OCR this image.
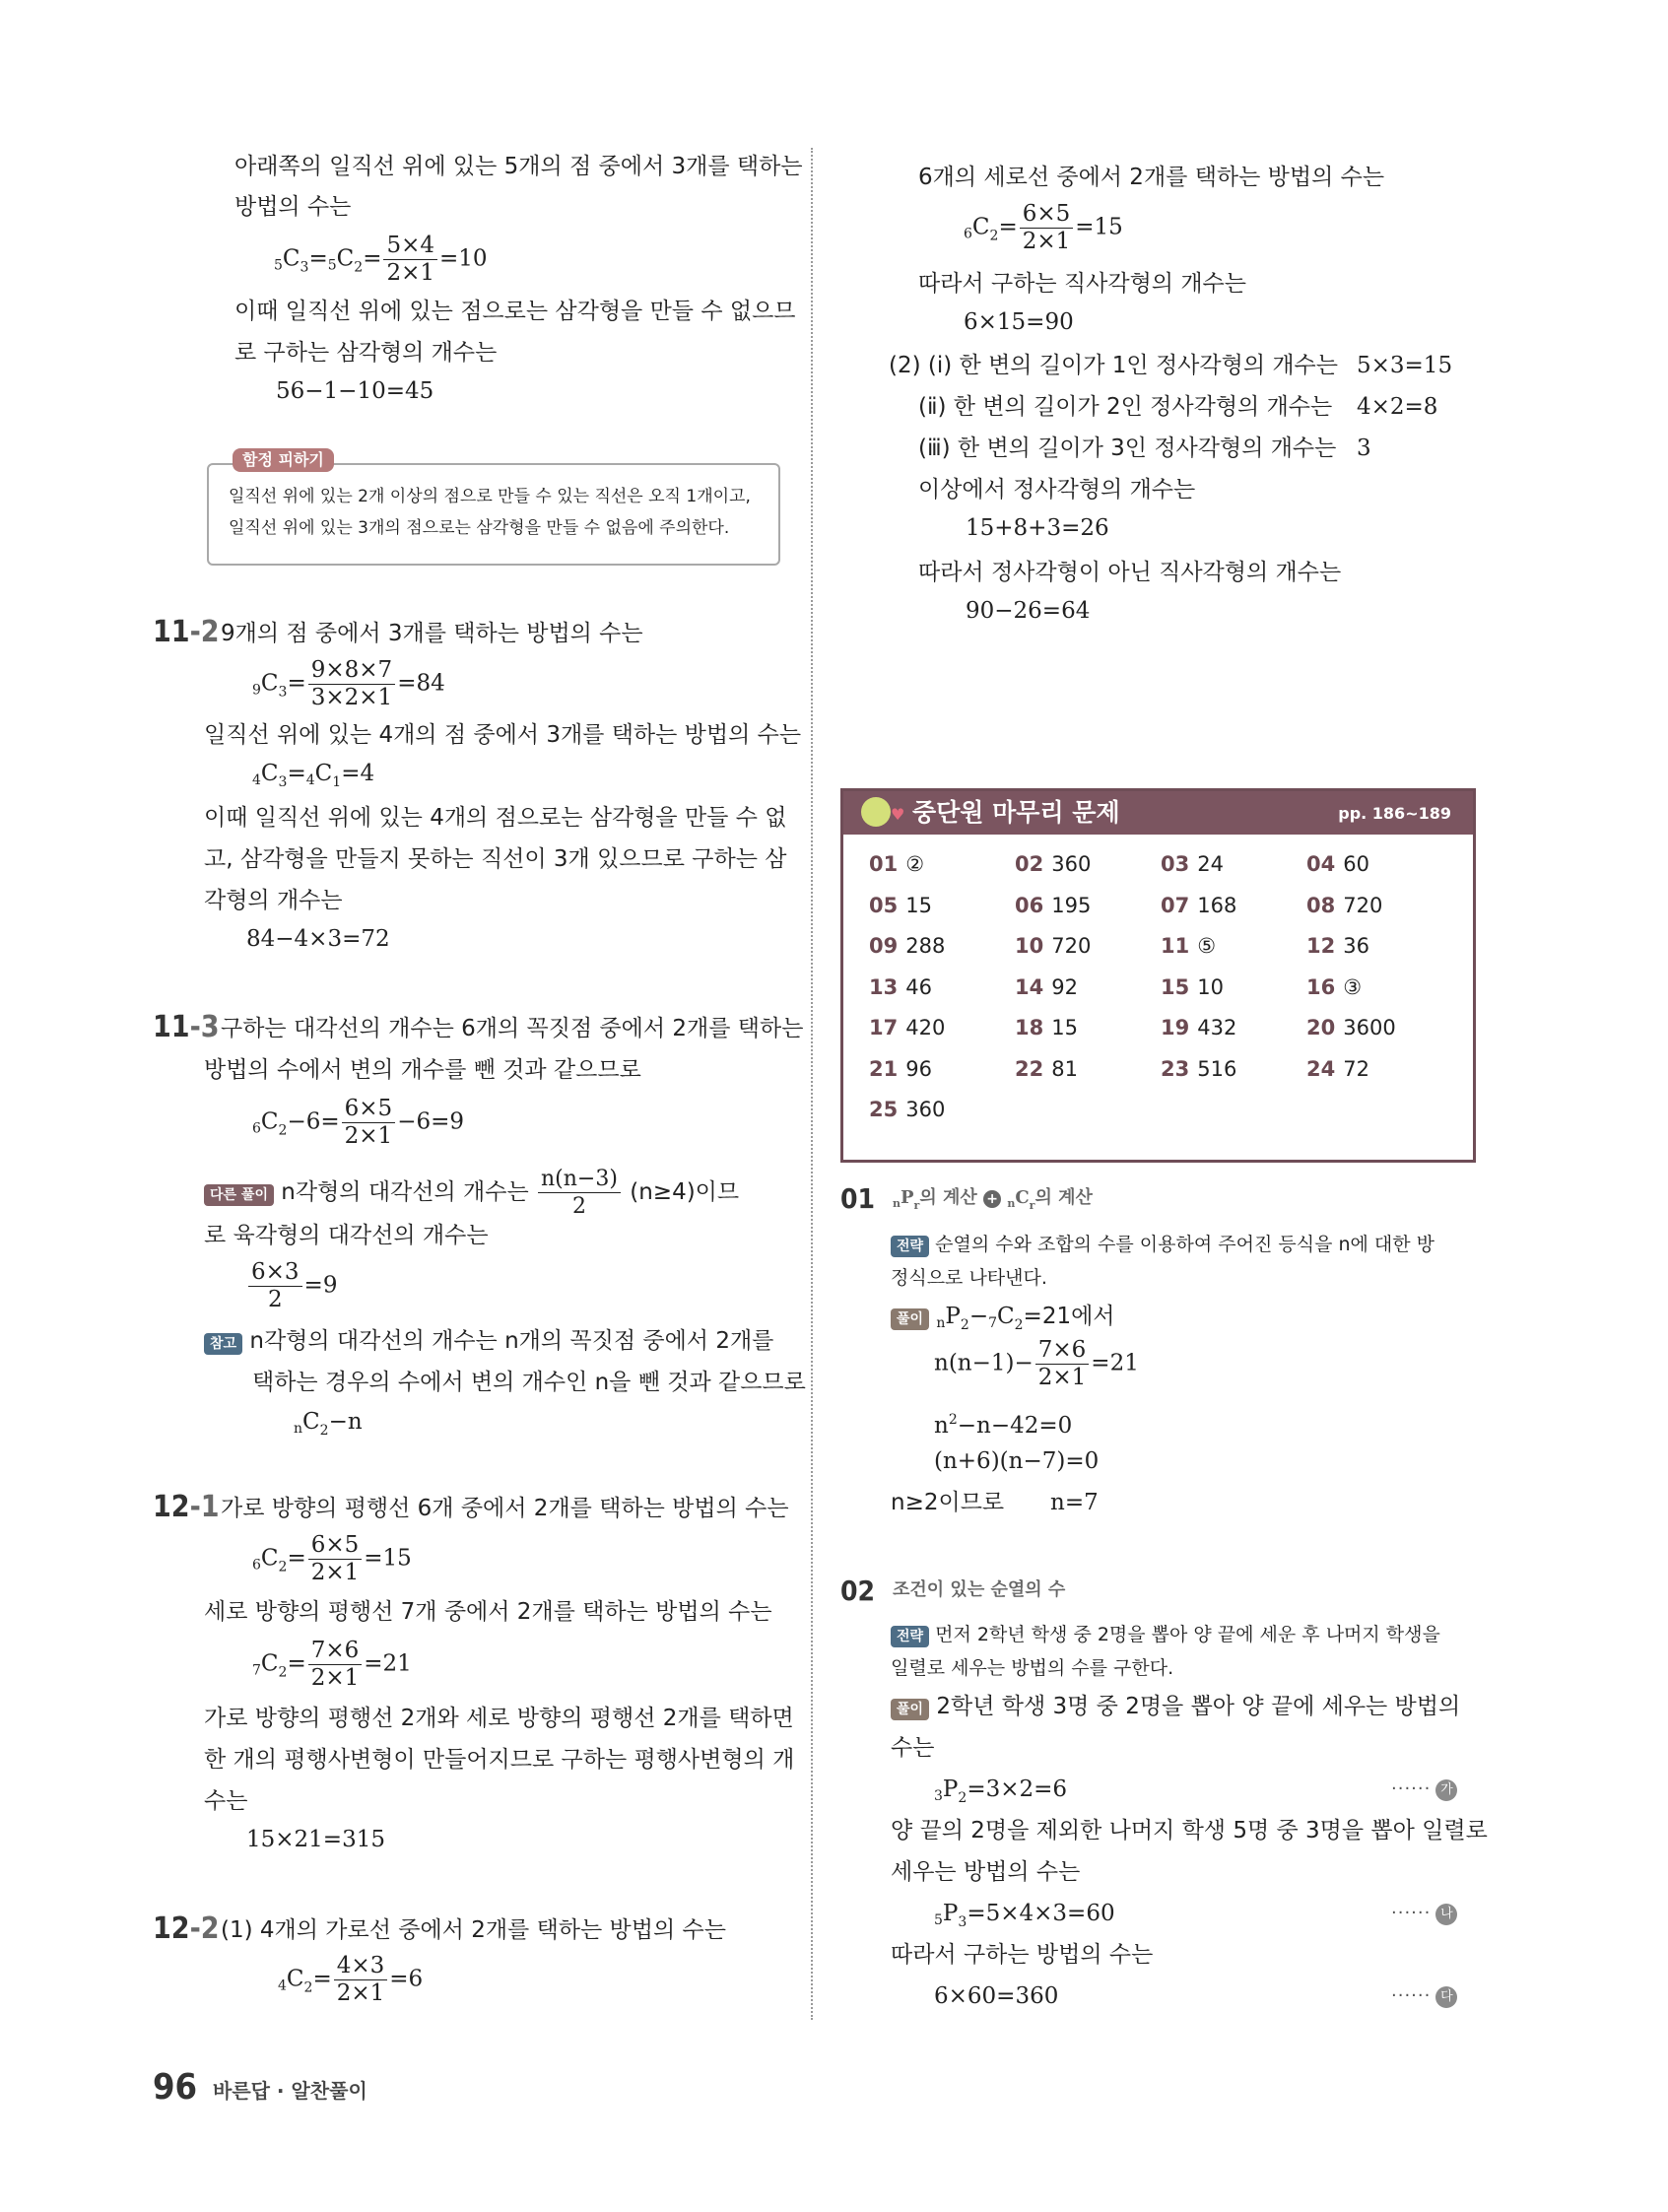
아래쪽의 일직선 위에 있는 5개의 점 중에서 3개를 택하는
방법의 수는
$5C_3=5C_2= \frac{5\times 4}{2\times 1} =10$
이때 일직선 위에 있는 점으로는 삼각형을 만들 수 없으므
로 구하는 삼각형의 개수는
56−1−10=45
일직선 위에 있는 2개 이상의 점으로 만들 수 있는 직선은 오직 1개이고,
일직선 위에 있는 3개의 점으로는 삼각형을 만들 수 없음에 주의한다.
함정 피하기
11-2 9개의 점 중에서 3개를 택하는 방법의 수는
$9C_3= \frac{9\times 8\times 7}{3\times 2\times 1} =84$
일직선 위에 있는 4개의 점 중에서 3개를 택하는 방법의 수는
$4C_3=4C_1=4$
이때 일직선 위에 있는 4개의 점으로는 삼각형을 만들 수 없
고, 삼각형을 만들지 못하는 직선이 3개 있으므로 구하는 삼
각형의 개수는
84−4×3=72
11-3 구하는 대각선의 개수는 6개의 꼭짓점 중에서 2개를 택하는
방법의 수에서 변의 개수를 뺀 것과 같으므로
$6C_2-6= \frac{6\times 5}{2\times 1} -6=9$
다른 풀이 n각형의 대각선의 개수는 $\frac{n(n-3)}{2} (n\ge 4)$이므
로 육각형의 대각선의 개수는
$\frac{6\times 3}{2} =9$
참고 n각형의 대각선의 개수는 n개의 꼭짓점 중에서 2개를
택하는 경우의 수에서 변의 개수인 n을 뺀 것과 같으므로
$nC_2-n$
12-1 가로 방향의 평행선 6개 중에서 2개를 택하는 방법의 수는
$6C_2= \frac{6\times 5}{2\times 1} =15$
세로 방향의 평행선 7개 중에서 2개를 택하는 방법의 수는
$7C_2= \frac{7\times 6}{2\times 1} =21$
가로 방향의 평행선 2개와 세로 방향의 평행선 2개를 택하면
한 개의 평행사변형이 만들어지므로 구하는 평행사변형의 개
수는
15×21=315
12-2 (1) 4개의 가로선 중에서 2개를 택하는 방법의 수는
$4C_2= \frac{4\times 3}{2\times 1} =6$
6개의 세로선 중에서 2개를 택하는 방법의 수는
$6C_2= \frac{6\times 5}{2\times 1} =15$
따라서 구하는 직사각형의 개수는
6×15=90
(2) (ⅰ) 한 변의 길이가 1인 정사각형의 개수는 5×3=15
(ⅱ) 한 변의 길이가 2인 정사각형의 개수는 4×2=8
(ⅲ) 한 변의 길이가 3인 정사각형의 개수는 3
이상에서 정사각형의 개수는
15+8+3=26
따라서 정사각형이 아닌 직사각형의 개수는
90−26=64
♥ 중단원 마무리 문제	pp. 186~189
01 ②	02 360	03 24	04 60
05 15	06 195	07 168	08 720
09 288	10 720	11 ⑤	12 36
13 46	14 92	15 10	16 ③
17 420	18 15	19 432	20 3600
21 96	22 81	23 516	24 72
25 360
01 $_nP_r$의 계산 + $_nC_r$의 계산
전략 순열의 수와 조합의 수를 이용하여 주어진 등식을 n에 대한 방
정식으로 나타낸다.
풀이 $nP_2-7C_2=21$에서
$n(n-1)- \frac{7\times 6}{2\times 1} =21$
$n^2-n-42=0$
(n+6)(n−7)=0
n≥2이므로 n=7
02 조건이 있는 순열의 수
전략 먼저 2학년 학생 중 2명을 뽑아 양 끝에 세운 후 나머지 학생을
일렬로 세우는 방법의 수를 구한다.
풀이 2학년 학생 3명 중 2명을 뽑아 양 끝에 세우는 방법의
수는
$3P_2=3\times 2=6$	······ 가
양 끝의 2명을 제외한 나머지 학생 5명 중 3명을 뽑아 일렬로
세우는 방법의 수는
$5P_3=5\times 4\times 3=60$	······ 나
따라서 구하는 방법의 수는
6×60=360	······ 다
96 바른답 · 알찬풀이
